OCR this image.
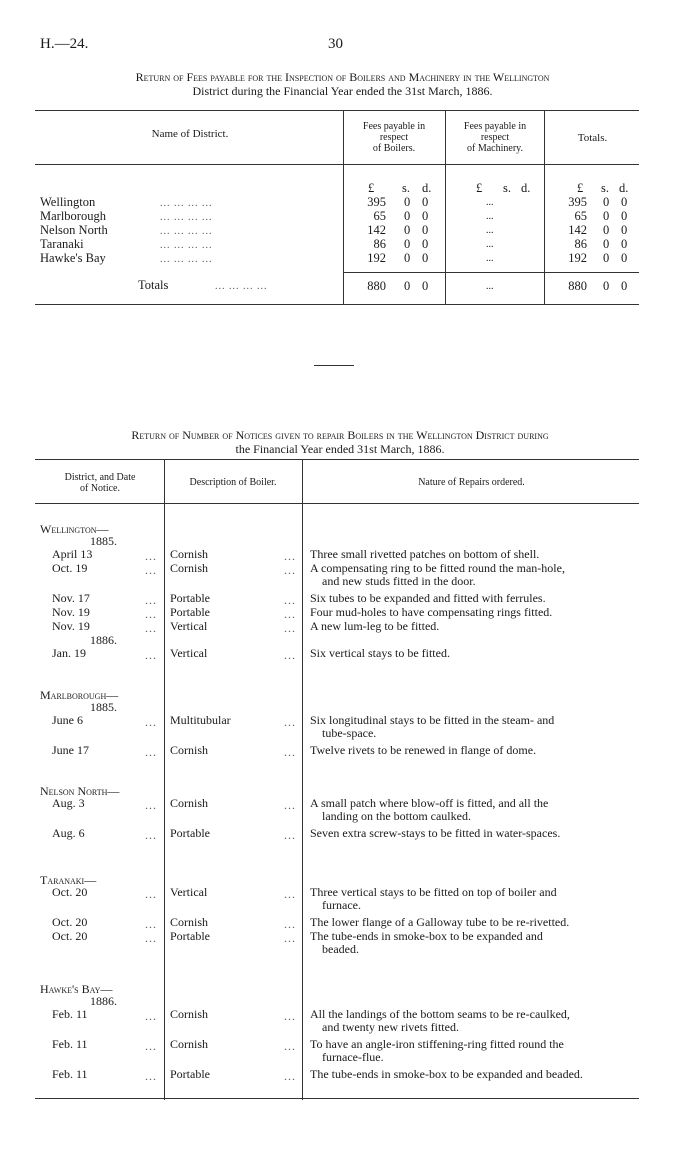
H.—24.	30
Return of Fees payable for the Inspection of Boilers and Machinery in the Wellington
District during the Financial Year ended the 31st March, 1886.
Name of District.
Fees payable in
respect
of Boilers.
Fees payable in
respect
of Machinery.
Totals.
£ s. d.	£ s. d.	£ s. d.
Wellington	... ... ... ...	395 0 0	...	395 0 0
Marlborough	... ... ... ...	65 0 0	...	65 0 0
Nelson North	... ... ... ...	142 0 0	...	142 0 0
Taranaki	... ... ... ...	86 0 0	...	86 0 0
Hawke's Bay	... ... ... ...	192 0 0	...	192 0 0
Totals	... ... ... ...	880 0 0	...	880 0 0
Return of Number of Notices given to repair Boilers in the Wellington District during
the Financial Year ended 31st March, 1886.
District, and Date
of Notice.
Description of Boiler.	Nature of Repairs ordered.
Wellington—
1885.
April 13	... Cornish	... Three small rivetted patches on bottom of shell.
Oct. 19	... Cornish	... A compensating ring to be fitted round the man-hole,
and new studs fitted in the door.
Nov. 17	... Portable	... Six tubes to be expanded and fitted with ferrules.
Nov. 19	... Portable	... Four mud-holes to have compensating rings fitted.
Nov. 19	... Vertical	... A new lum-leg to be fitted.
1886.
Jan. 19	... Vertical	... Six vertical stays to be fitted.
Marlborough—
1885.
June 6	... Multitubular	... Six longitudinal stays to be fitted in the steam- and
tube-space.
June 17	... Cornish	... Twelve rivets to be renewed in flange of dome.
Nelson North—
Aug. 3	... Cornish	... A small patch where blow-off is fitted, and all the
landing on the bottom caulked.
Aug. 6	... Portable	... Seven extra screw-stays to be fitted in water-spaces.
Taranaki—
Oct. 20	... Vertical	... Three vertical stays to be fitted on top of boiler and
furnace.
Oct. 20	... Cornish	... The lower flange of a Galloway tube to be re-rivetted.
Oct. 20	... Portable	... The tube-ends in smoke-box to be expanded and
beaded.
Hawke's Bay—
1886.
Feb. 11	... Cornish	... All the landings of the bottom seams to be re-caulked,
and twenty new rivets fitted.
Feb. 11	... Cornish	... To have an angle-iron stiffening-ring fitted round the
furnace-flue.
Feb. 11	... Portable	... The tube-ends in smoke-box to be expanded and beaded.
